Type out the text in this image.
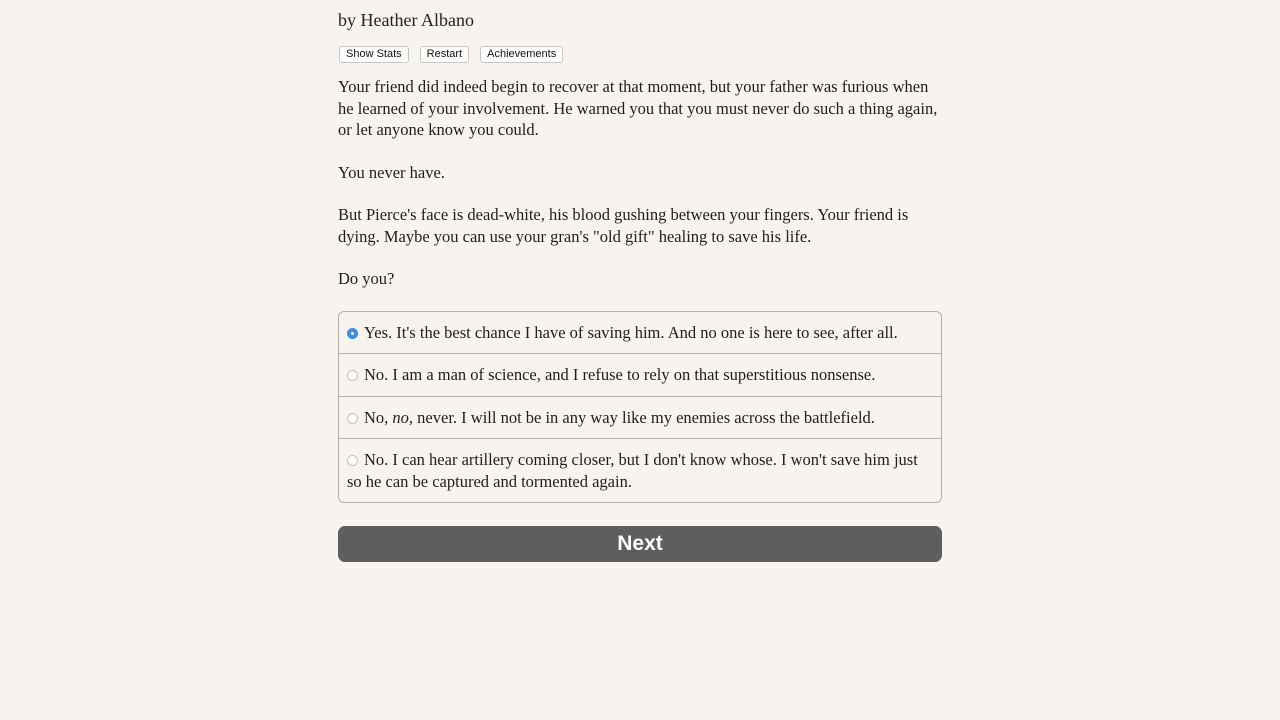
by Heather Albano
Show Stats	Restart	Achievements

Your friend did indeed begin to recover at that moment, but your father was furious when he learned of your involvement. He warned you that you must never do such a thing again, or let anyone know you could.

You never have.

But Pierce's face is dead-white, his blood gushing between your fingers. Your friend is dying. Maybe you can use your gran's "old gift" healing to save his life.

Do you?

Yes. It's the best chance I have of saving him. And no one is here to see, after all.
No. I am a man of science, and I refuse to rely on that superstitious nonsense.
No, no, never. I will not be in any way like my enemies across the battlefield.
No. I can hear artillery coming closer, but I don't know whose. I won't save him just so he can be captured and tormented again.
Next
